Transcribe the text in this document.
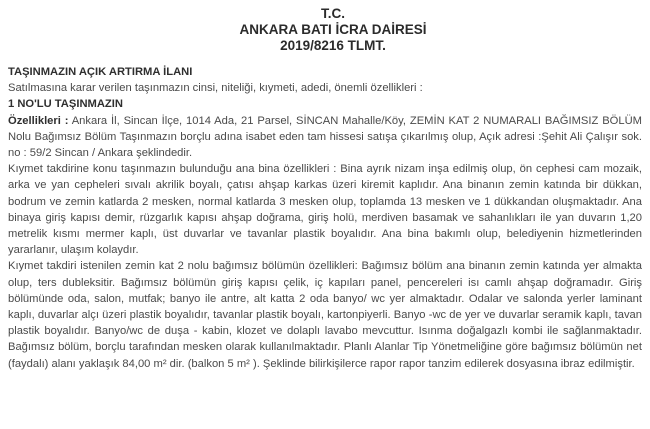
T.C.
ANKARA BATI İCRA DAİRESİ
2019/8216 TLMT.
TAŞINMAZIN AÇIK ARTIRMA İLANI

Satılmasına karar verilen taşınmazın cinsi, niteliği, kıymeti, adedi, önemli özellikleri :

1 NO'LU TAŞINMAZIN

Özellikleri : Ankara İl, Sincan İlçe, 1014 Ada, 21 Parsel, SİNCAN Mahalle/Köy, ZEMİN KAT 2 NUMARALI BAĞIMSIZ BÖLÜM Nolu Bağımsız Bölüm Taşınmazın borçlu adına isabet eden tam hissesi satışa çıkarılmış olup, Açık adresi :Şehit Ali Çalışır sok. no : 59/2 Sincan / Ankara şeklindedir.

Kıymet takdirine konu taşınmazın bulunduğu ana bina özellikleri : Bina ayrık nizam inşa edilmiş olup, ön cephesi cam mozaik, arka ve yan cepheleri sıvalı akrilik boyalı, çatısı ahşap karkas üzeri kiremit kaplıdır. Ana binanın zemin katında bir dükkan, bodrum ve zemin katlarda 2 mesken, normal katlarda 3 mesken olup, toplamda 13 mesken ve 1 dükkandan oluşmaktadır. Ana binaya giriş kapısı demir, rüzgarlık kapısı ahşap doğrama, giriş holü, merdiven basamak ve sahanlıkları ile yan duvarın 1,20 metrelik kısmı mermer kaplı, üst duvarlar ve tavanlar plastik boyalıdır. Ana bina bakımlı olup, belediyenin hizmetlerinden yararlanır, ulaşım kolaydır.

Kıymet takdiri istenilen zemin kat 2 nolu bağımsız bölümün özellikleri: Bağımsız bölüm ana binanın zemin katında yer almakta olup, ters dubleksitir. Bağımsız bölümün giriş kapısı çelik, iç kapıları panel, pencereleri isı camlı ahşap doğramadır. Giriş bölümünde oda, salon, mutfak; banyo ile antre, alt katta 2 oda banyo/ wc yer almaktadır. Odalar ve salonda yerler laminant kaplı, duvarlar alçı üzeri plastik boyalıdır, tavanlar plastik boyalı, kartonpiyerli. Banyo -wc de yer ve duvarlar seramik kaplı, tavan plastik boyalıdır. Banyo/wc de duşa - kabin, klozet ve dolaplı lavabo mevcuttur. Isınma doğalgazlı kombi ile sağlanmaktadır. Bağımsız bölüm, borçlu tarafından mesken olarak kullanılmaktadır. Planlı Alanlar Tip Yönetmeliğine göre bağımsız bölümün net (faydalı) alanı yaklaşık 84,00 m² dir. (balkon 5 m² ). Şeklinde bilirkişilerce rapor rapor tanzim edilerek dosyasına ibraz edilmiştir.
